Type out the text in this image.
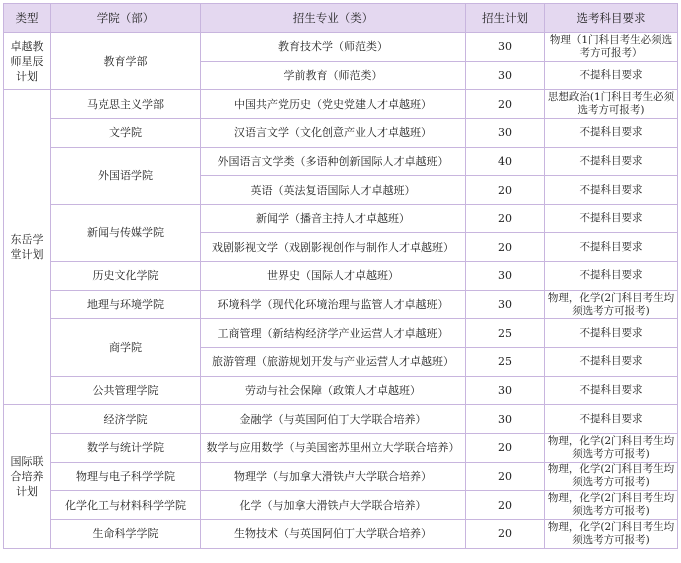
类型	学院（部）	招生专业（类）	招生计划	选考科目要求
卓越教师星辰计划	教育学部	教育技术学（师范类）	30	物理（1门科目考生必须选考方可报考）
		学前教育（师范类）	30	不提科目要求
东岳学堂计划	马克思主义学部	中国共产党历史（党史党建人才卓越班）	20	思想政治(1门科目考生必须选考方可报考)
	文学院	汉语言文学（文化创意产业人才卓越班）	30	不提科目要求
	外国语学院	外国语言文学类（多语种创新国际人才卓越班）	40	不提科目要求
		英语（英法复语国际人才卓越班）	20	不提科目要求
	新闻与传媒学院	新闻学（播音主持人才卓越班）	20	不提科目要求
		戏剧影视文学（戏剧影视创作与制作人才卓越班）	20	不提科目要求
	历史文化学院	世界史（国际人才卓越班）	30	不提科目要求
	地理与环境学院	环境科学（现代化环境治理与监管人才卓越班）	30	物理，化学(2门科目考生均须选考方可报考)
	商学院	工商管理（新结构经济学产业运营人才卓越班）	25	不提科目要求
		旅游管理（旅游规划开发与产业运营人才卓越班）	25	不提科目要求
	公共管理学院	劳动与社会保障（政策人才卓越班）	30	不提科目要求
国际联合培养计划	经济学院	金融学（与英国阿伯丁大学联合培养）	30	不提科目要求
	数学与统计学院	数学与应用数学（与美国密苏里州立大学联合培养）	20	物理，化学(2门科目考生均须选考方可报考)
	物理与电子科学学院	物理学（与加拿大滑铁卢大学联合培养）	20	物理，化学(2门科目考生均须选考方可报考)
	化学化工与材料科学学院	化学（与加拿大滑铁卢大学联合培养）	20	物理，化学(2门科目考生均须选考方可报考)
	生命科学学院	生物技术（与英国阿伯丁大学联合培养）	20	物理，化学(2门科目考生均须选考方可报考)
